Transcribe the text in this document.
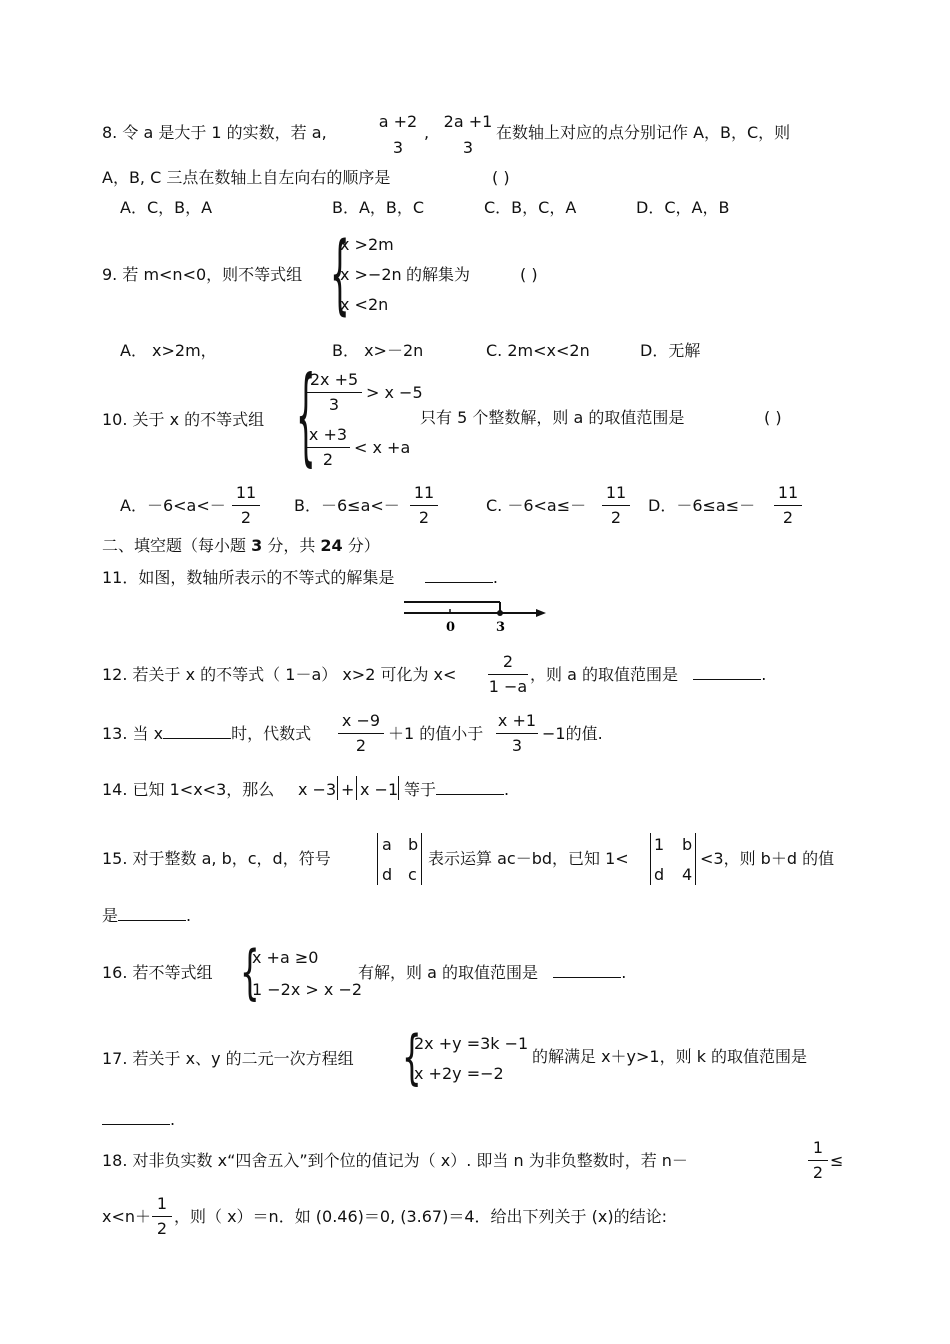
8. 令 a 是大于 1 的实数，若 a,
a +2
3
,
2a +1
3
在数轴上对应的点分别记作 A，B，C，则
A，B, C 三点在数轴上自左向右的顺序是	( )
A．C，B，A	B．A，B，C	C．B，C，A	D．C，A，B
9. 若 m<n<0，则不等式组 {
x >2m
x >−2n
x <2n
的解集为	( )
A． x>2m，	B． x>－2n	C. 2m<x<2n	D．无解
10. 关于 x 的不等式组 {
2x +5
3
> x −5
x +3
2
< x +a
只有 5 个整数解，则 a 的取值范围是	( )
A．－6<a<－
11
2
B．－6≤a<－
11
2
C. －6<a≤－
11
2
D．－6≤a≤－
11
2
二、填空题（每小题 3 分，共 24 分）
11．如图，数轴所表示的不等式的解集是	.
0	3
12. 若关于 x 的不等式（ 1－a） x>2 可化为 x<
2
1 −a
，则 a 的取值范围是	.
13. 当 x	时，代数式
x −9
2
＋1 的值小于
x +1
3
−1的值.
14. 已知 1<x<3，那么 x −3 + x −1 等于	.
15. 对于整数 a, b，c，d，符号
a b
d c
表示运算 ac－bd，已知 1<
1 b
d 4
<3，则 b＋d 的值
是	.
16. 若不等式组 {
x +a ≥0
1 −2x > x −2
有解，则 a 的取值范围是	.
17. 若关于 x、y 的二元一次方程组 {
2x +y =3k −1
x +2y =−2
的解满足 x＋y>1，则 k 的取值范围是
.
18. 对非负实数 x“四舍五入”到个位的值记为（ x）. 即当 n 为非负整数时，若 n－
1
2
≤
x<n＋
1
2
，则（ x）＝n．如 (0.46)＝0, (3.67)＝4．给出下列关于 (x)的结论:
